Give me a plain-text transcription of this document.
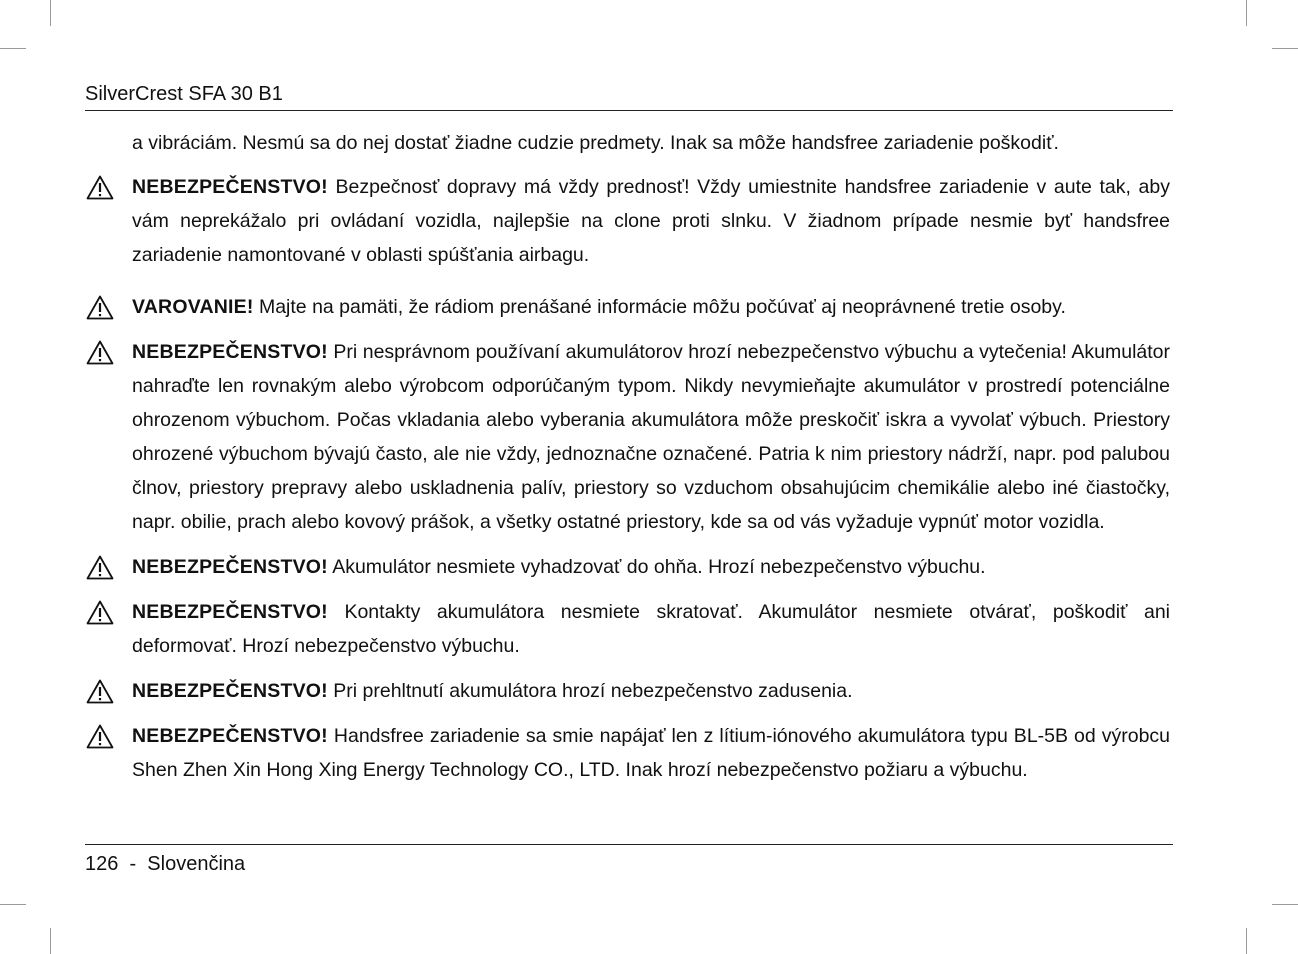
SilverCrest SFA 30 B1
a vibráciám. Nesmú sa do nej dostať žiadne cudzie predmety. Inak sa môže handsfree zariadenie poškodiť.
NEBEZPEČENSTVO! Bezpečnosť dopravy má vždy prednosť! Vždy umiestnite handsfree zariadenie v aute tak, aby vám neprekážalo pri ovládaní vozidla, najlepšie na clone proti slnku. V žiadnom prípade nesmie byť handsfree zariadenie namontované v oblasti spúšťania airbagu.
VAROVANIE! Majte na pamäti, že rádiom prenášané informácie môžu počúvať aj neoprávnené tretie osoby.
NEBEZPEČENSTVO! Pri nesprávnom používaní akumulátorov hrozí nebezpečenstvo výbuchu a vytečenia! Akumulátor nahraďte len rovnakým alebo výrobcom odporúčaným typom. Nikdy nevymieňajte akumulátor v prostredí potenciálne ohrozenom výbuchom. Počas vkladania alebo vyberania akumulátora môže preskočiť iskra a vyvolať výbuch. Priestory ohrozené výbuchom bývajú často, ale nie vždy, jednoznačne označené. Patria k nim priestory nádrží, napr. pod palubou člnov, priestory prepravy alebo uskladnenia palív, priestory so vzduchom obsahujúcim chemikálie alebo iné čiastočky, napr. obilie, prach alebo kovový prášok, a všetky ostatné priestory, kde sa od vás vyžaduje vypnúť motor vozidla.
NEBEZPEČENSTVO! Akumulátor nesmiete vyhadzovať do ohňa. Hrozí nebezpečenstvo výbuchu.
NEBEZPEČENSTVO! Kontakty akumulátora nesmiete skratovať. Akumulátor nesmiete otvárať, poškodiť ani deformovať. Hrozí nebezpečenstvo výbuchu.
NEBEZPEČENSTVO! Pri prehltnutí akumulátora hrozí nebezpečenstvo zadusenia.
NEBEZPEČENSTVO! Handsfree zariadenie sa smie napájať len z lítium-iónového akumulátora typu BL-5B od výrobcu Shen Zhen Xin Hong Xing Energy Technology CO., LTD. Inak hrozí nebezpečenstvo požiaru a výbuchu.
126 - Slovenčina
